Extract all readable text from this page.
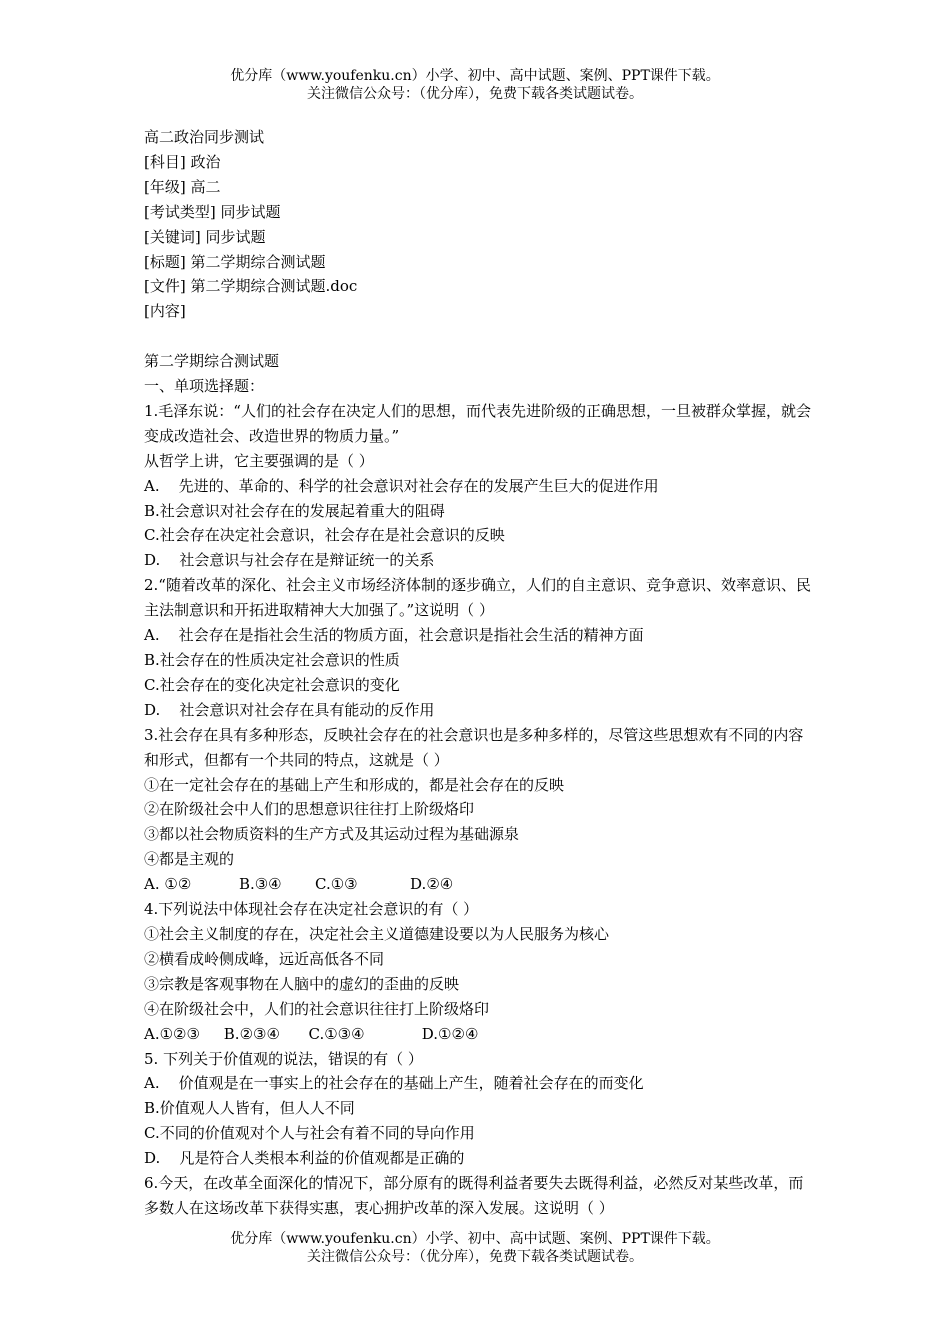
优分库（www.youfenku.cn）小学、初中、高中试题、案例、PPT课件下载。
关注微信公众号：（优分库），免费下载各类试题试卷。
高二政治同步测试
[科目] 政治
[年级] 高二
[考试类型] 同步试题
[关键词] 同步试题
[标题] 第二学期综合测试题
[文件] 第二学期综合测试题.doc
[内容]
第二学期综合测试题
一、单项选择题：
1.毛泽东说：“人们的社会存在决定人们的思想，而代表先进阶级的正确思想，一旦被群众掌握，就会变成改造社会、改造世界的物质力量。”
从哲学上讲，它主要强调的是（ ）
A.    先进的、革命的、科学的社会意识对社会存在的发展产生巨大的促进作用
B.社会意识对社会存在的发展起着重大的阻碍
C.社会存在决定社会意识，社会存在是社会意识的反映
D.    社会意识与社会存在是辩证统一的关系
2.“随着改革的深化、社会主义市场经济体制的逐步确立，人们的自主意识、竞争意识、效率意识、民主法制意识和开拓进取精神大大加强了。”这说明（ ）
A.    社会存在是指社会生活的物质方面，社会意识是指社会生活的精神方面
B.社会存在的性质决定社会意识的性质
C.社会存在的变化决定社会意识的变化
D.    社会意识对社会存在具有能动的反作用
3.社会存在具有多种形态，反映社会存在的社会意识也是多种多样的，尽管这些思想欢有不同的内容和形式，但都有一个共同的特点，这就是（ ）
①在一定社会存在的基础上产生和形成的，都是社会存在的反映
②在阶级社会中人们的思想意识往往打上阶级烙印
③都以社会物质资料的生产方式及其运动过程为基础源泉
④都是主观的
A. ①②          B.③④       C.①③           D.②④
4.下列说法中体现社会存在决定社会意识的有（ ）
①社会主义制度的存在，决定社会主义道德建设要以为人民服务为核心
②横看成岭侧成峰，远近高低各不同
③宗教是客观事物在人脑中的虚幻的歪曲的反映
④在阶级社会中，人们的社会意识往往打上阶级烙印
A.①②③     B.②③④      C.①③④            D.①②④
5. 下列关于价值观的说法，错误的有（ ）
A.    价值观是在一事实上的社会存在的基础上产生，随着社会存在的而变化
B.价值观人人皆有，但人人不同
C.不同的价值观对个人与社会有着不同的导向作用
D.    凡是符合人类根本利益的价值观都是正确的
6.今天，在改革全面深化的情况下，部分原有的既得利益者要失去既得利益，必然反对某些改革，而多数人在这场改革下获得实惠，衷心拥护改革的深入发展。这说明（ ）
优分库（www.youfenku.cn）小学、初中、高中试题、案例、PPT课件下载。
关注微信公众号：（优分库），免费下载各类试题试卷。
